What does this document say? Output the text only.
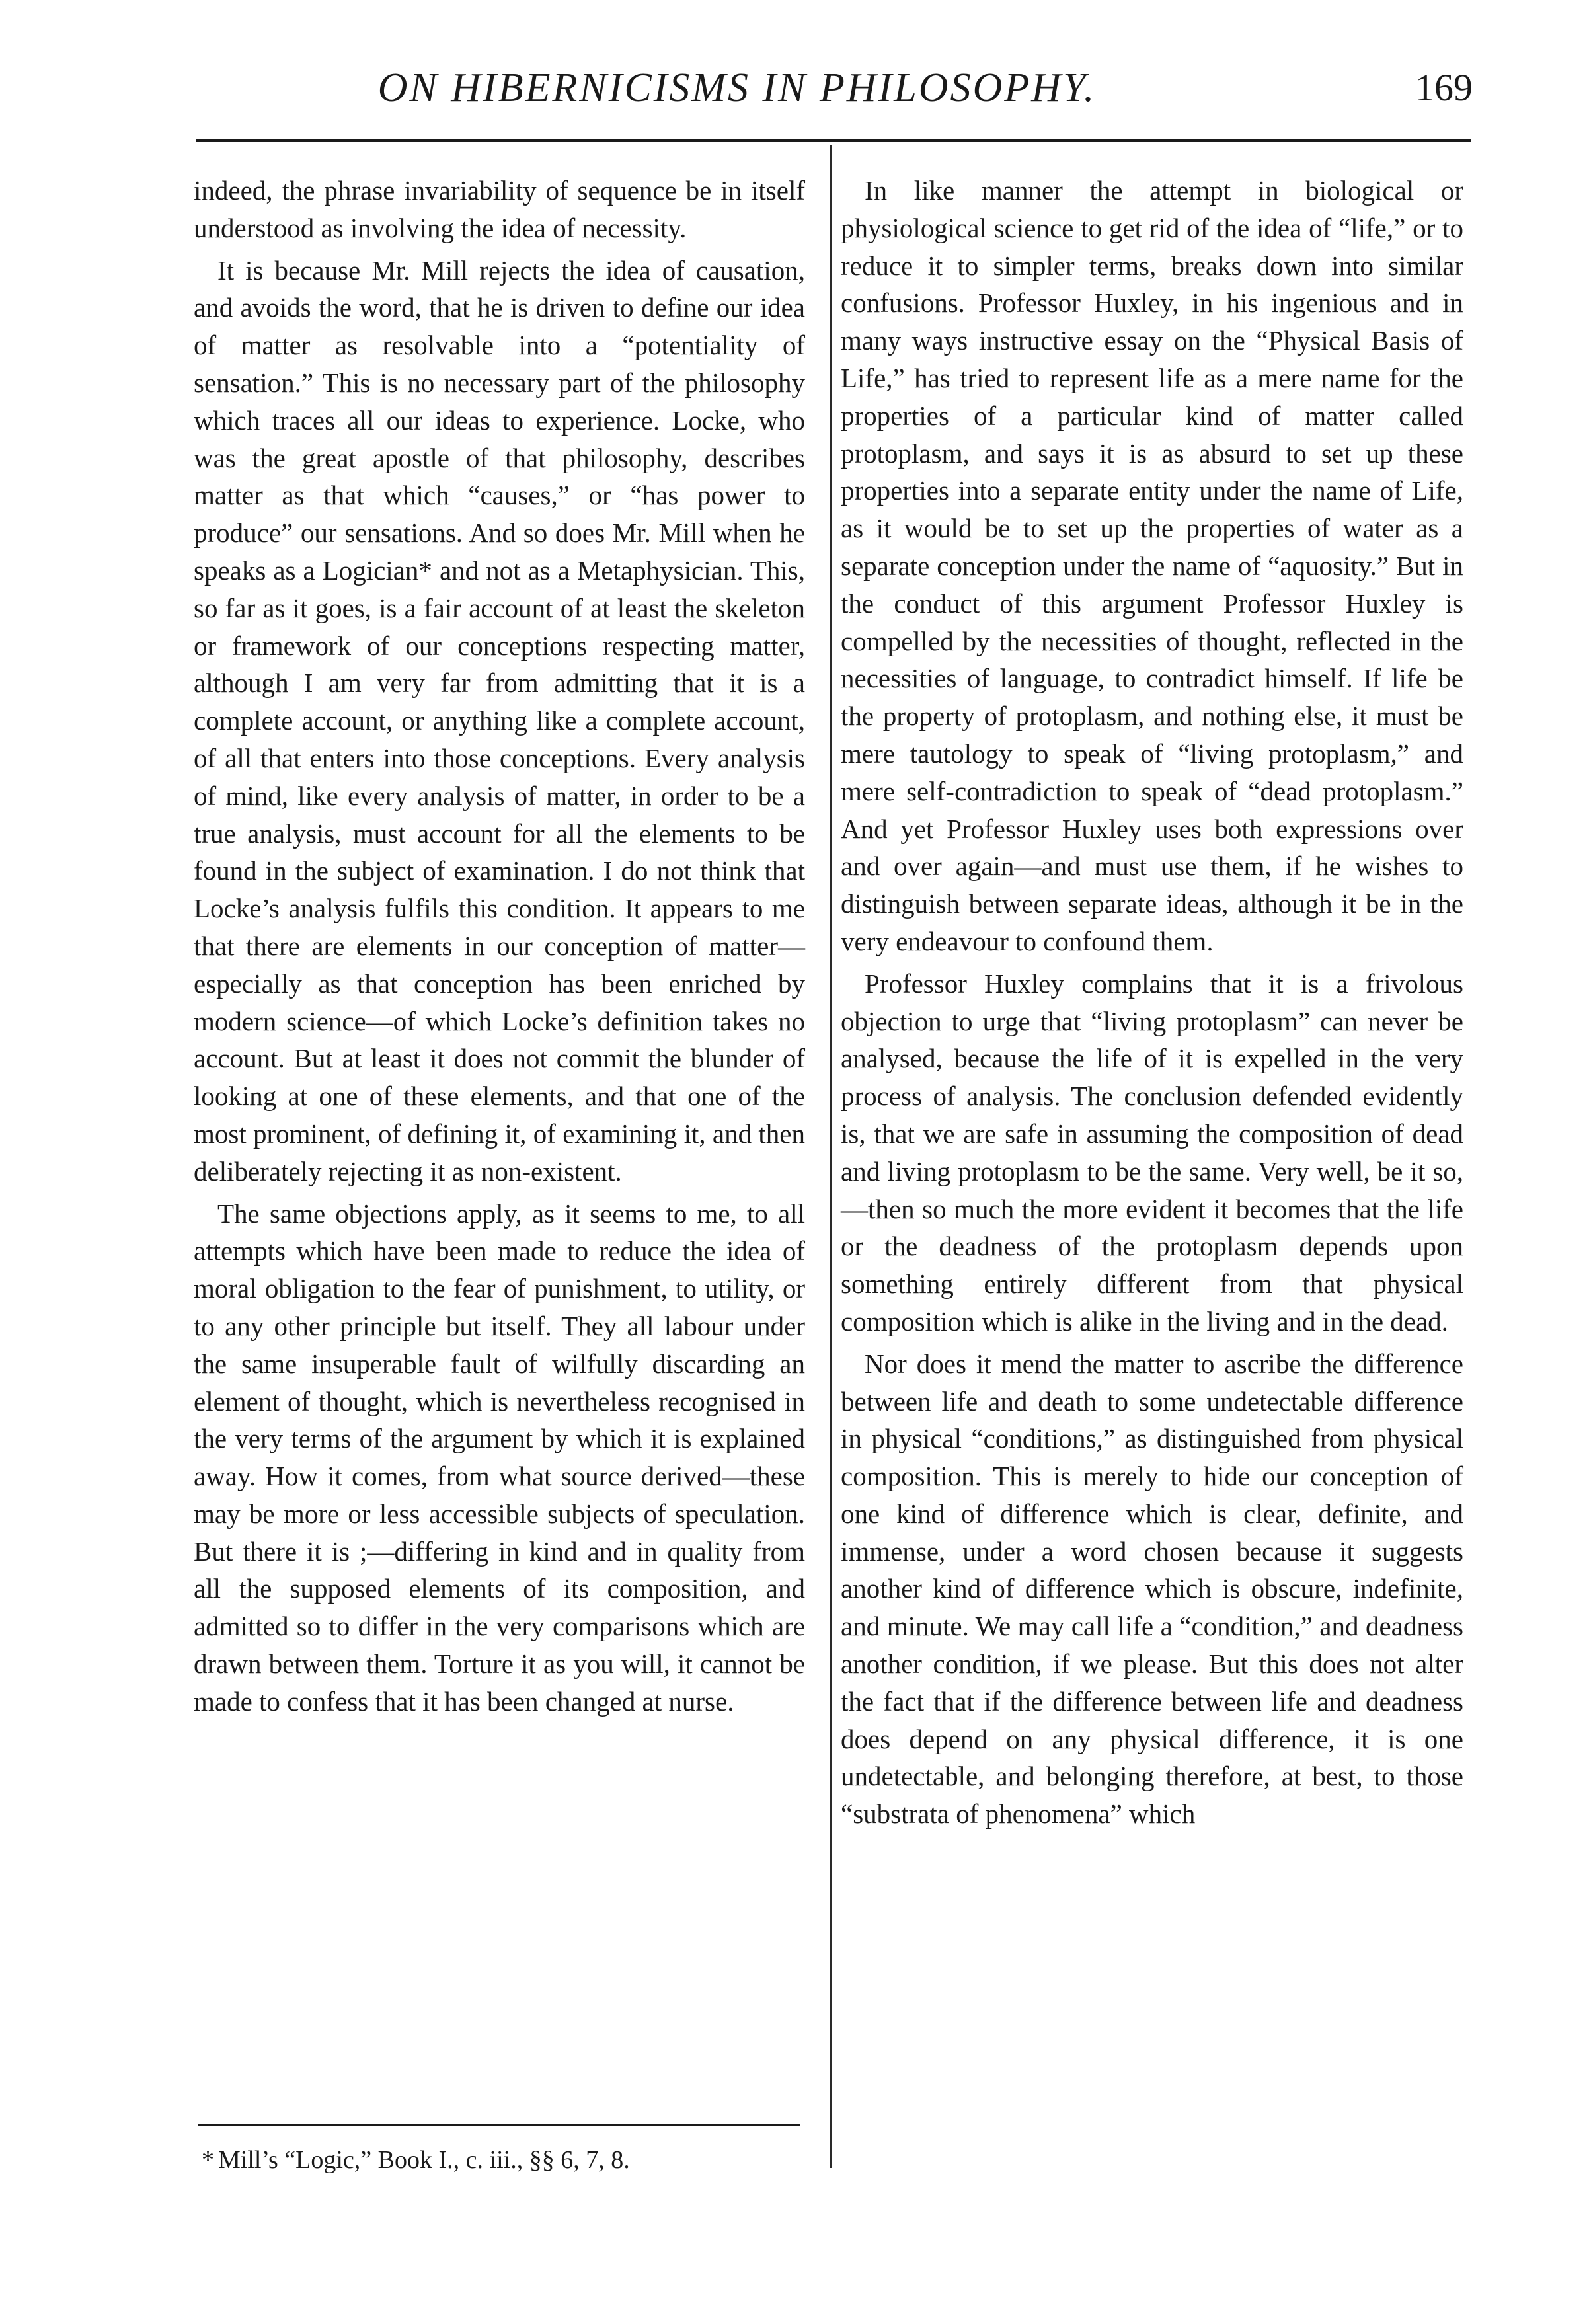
ON HIBERNICISMS IN PHILOSOPHY.	169

indeed, the phrase invariability of sequence be in itself understood as involving the idea of necessity.

It is because Mr. Mill rejects the idea of causation, and avoids the word, that he is driven to define our idea of matter as resolvable into a “potentiality of sensation.” This is no necessary part of the philosophy which traces all our ideas to experience. Locke, who was the great apostle of that philosophy, describes matter as that which “causes,” or “has power to produce” our sensations. And so does Mr. Mill when he speaks as a Logician* and not as a Metaphysician. This, so far as it goes, is a fair account of at least the skeleton or framework of our conceptions respecting matter, although I am very far from admitting that it is a complete account, or anything like a complete account, of all that enters into those conceptions. Every analysis of mind, like every analysis of matter, in order to be a true analysis, must account for all the elements to be found in the subject of examination. I do not think that Locke’s analysis fulfils this condition. It appears to me that there are elements in our conception of matter—especially as that conception has been enriched by modern science—of which Locke’s definition takes no account. But at least it does not commit the blunder of looking at one of these elements, and that one of the most prominent, of defining it, of examining it, and then deliberately rejecting it as non-existent.

The same objections apply, as it seems to me, to all attempts which have been made to reduce the idea of moral obligation to the fear of punishment, to utility, or to any other principle but itself. They all labour under the same insuperable fault of wilfully discarding an element of thought, which is nevertheless recognised in the very terms of the argument by which it is explained away. How it comes, from what source derived—these may be more or less accessible subjects of speculation. But there it is ;—differing in kind and in quality from all the supposed elements of its composition, and admitted so to differ in the very comparisons which are drawn between them. Torture it as you will, it cannot be made to confess that it has been changed at nurse.

In like manner the attempt in biological or physiological science to get rid of the idea of “life,” or to reduce it to simpler terms, breaks down into similar confusions. Professor Huxley, in his ingenious and in many ways instructive essay on the “Physical Basis of Life,” has tried to represent life as a mere name for the properties of a particular kind of matter called protoplasm, and says it is as absurd to set up these properties into a separate entity under the name of Life, as it would be to set up the properties of water as a separate conception under the name of “aquosity.” But in the conduct of this argument Professor Huxley is compelled by the necessities of thought, reflected in the necessities of language, to contradict himself. If life be the property of protoplasm, and nothing else, it must be mere tautology to speak of “living protoplasm,” and mere self-contradiction to speak of “dead protoplasm.” And yet Professor Huxley uses both expressions over and over again—and must use them, if he wishes to distinguish between separate ideas, although it be in the very endeavour to confound them.

Professor Huxley complains that it is a frivolous objection to urge that “living protoplasm” can never be analysed, because the life of it is expelled in the very process of analysis. The conclusion defended evidently is, that we are safe in assuming the composition of dead and living protoplasm to be the same. Very well, be it so,—then so much the more evident it becomes that the life or the deadness of the protoplasm depends upon something entirely different from that physical composition which is alike in the living and in the dead.

Nor does it mend the matter to ascribe the difference between life and death to some undetectable difference in physical “conditions,” as distinguished from physical composition. This is merely to hide our conception of one kind of difference which is clear, definite, and immense, under a word chosen because it suggests another kind of difference which is obscure, indefinite, and minute. We may call life a “condition,” and deadness another condition, if we please. But this does not alter the fact that if the difference between life and deadness does depend on any physical difference, it is one undetectable, and belonging therefore, at best, to those “substrata of phenomena” which

* Mill’s “Logic,” Book I., c. iii., §§ 6, 7, 8.
